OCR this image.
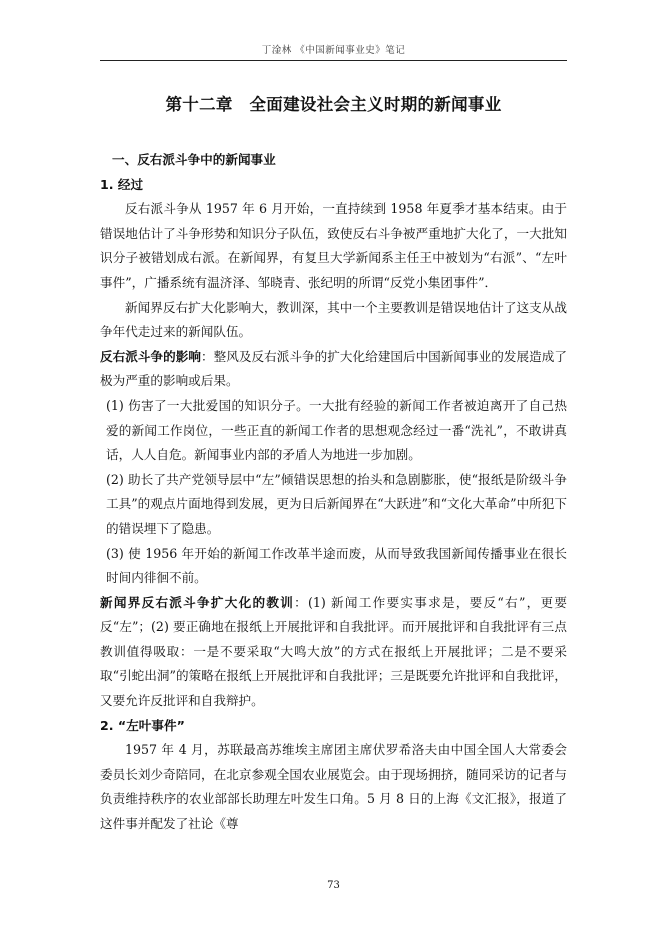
丁淦林 《中国新闻事业史》笔记
第十二章　全面建设社会主义时期的新闻事业

一、反右派斗争中的新闻事业

1. 经过

反右派斗争从 1957 年 6 月开始，一直持续到 1958 年夏季才基本结束。由于错误地估计了斗争形势和知识分子队伍，致使反右斗争被严重地扩大化了，一大批知识分子被错划成右派。在新闻界，有复旦大学新闻系主任王中被划为“右派”、“左叶事件”，广播系统有温济泽、邹晓青、张纪明的所谓“反党小集团事件”．

新闻界反右扩大化影响大，教训深，其中一个主要教训是错误地估计了这支从战争年代走过来的新闻队伍。

反右派斗争的影响：整风及反右派斗争的扩大化给建国后中国新闻事业的发展造成了极为严重的影响或后果。

(1) 伤害了一大批爱国的知识分子。一大批有经验的新闻工作者被迫离开了自己热爱的新闻工作岗位，一些正直的新闻工作者的思想观念经过一番“洗礼”，不敢讲真话，人人自危。新闻事业内部的矛盾人为地进一步加剧。

(2) 助长了共产党领导层中“左”倾错误思想的抬头和急剧膨胀，使“报纸是阶级斗争工具”的观点片面地得到发展，更为日后新闻界在“大跃进”和“文化大革命”中所犯下的错误埋下了隐患。

(3) 使 1956 年开始的新闻工作改革半途而废，从而导致我国新闻传播事业在很长时间内徘徊不前。

新闻界反右派斗争扩大化的教训：(1) 新闻工作要实事求是，要反“右”，更要反“左”；(2) 要正确地在报纸上开展批评和自我批评。而开展批评和自我批评有三点教训值得吸取：一是不要采取“大鸣大放”的方式在报纸上开展批评；二是不要采取“引蛇出洞”的策略在报纸上开展批评和自我批评；三是既要允许批评和自我批评，又要允许反批评和自我辩护。

2. “左叶事件”

1957 年 4 月，苏联最高苏维埃主席团主席伏罗希洛夫由中国全国人大常委会委员长刘少奇陪同，在北京参观全国农业展览会。由于现场拥挤，随同采访的记者与负责维持秩序的农业部部长助理左叶发生口角。5 月 8 日的上海《文汇报》，报道了这件事并配发了社论《尊

73
